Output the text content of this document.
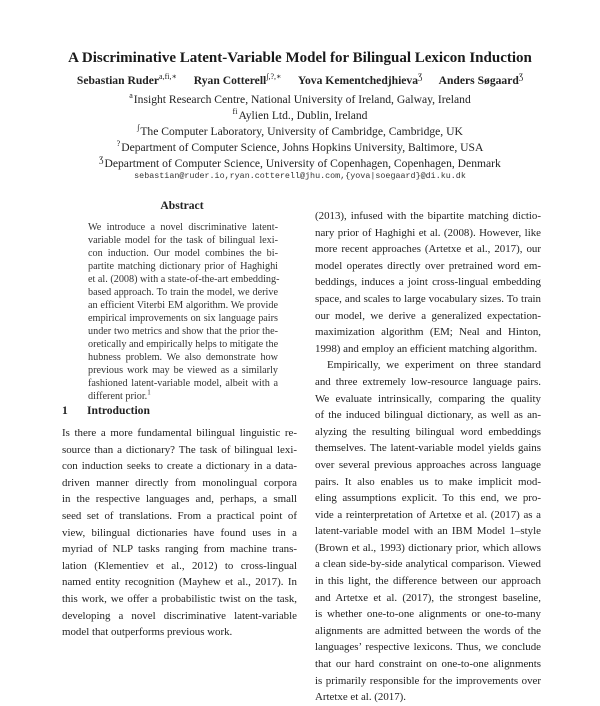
A Discriminative Latent-Variable Model for Bilingual Lexicon Induction
Sebastian Ruder$^{a,fi,∗}$ Ryan Cotterell∫,?,∗ Yova Kementchedjhieva$^Ʒ$ Anders Søgaard$^Ʒ$
$^a$Insight Research Centre, National University of Ireland, Galway, Ireland
$^{fi}$Aylien Ltd., Dublin, Ireland
∫The Computer Laboratory, University of Cambridge, Cambridge, UK
?Department of Computer Science, Johns Hopkins University, Baltimore, USA
$^Ʒ$Department of Computer Science, University of Copenhagen, Copenhagen, Denmark
sebastian@ruder.io,ryan.cotterell@jhu.com,{yova|soegaard}@di.ku.dk
Abstract
We introduce a novel discriminative latent-
variable model for the task of bilingual lexi-
con induction. Our model combines the bi-
partite matching dictionary prior of Haghighi
et al. (2008) with a state-of-the-art embedding-
based approach. To train the model, we derive
an efficient Viterbi EM algorithm. We provide
empirical improvements on six language pairs
under two metrics and show that the prior the-
oretically and empirically helps to mitigate the
hubness problem. We also demonstrate how
previous work may be viewed as a similarly
fashioned latent-variable model, albeit with a
different prior.$^1$
1 Introduction
Is there a more fundamental bilingual linguistic re-
source than a dictionary? The task of bilingual lexi-
con induction seeks to create a dictionary in a data-
driven manner directly from monolingual corpora
in the respective languages and, perhaps, a small
seed set of translations. From a practical point of
view, bilingual dictionaries have found uses in a
myriad of NLP tasks ranging from machine trans-
lation (Klementiev et al., 2012) to cross-lingual
named entity recognition (Mayhew et al., 2017). In
this work, we offer a probabilistic twist on the task,
developing a novel discriminative latent-variable
model that outperforms previous work.
(2013), infused with the bipartite matching dictio-
nary prior of Haghighi et al. (2008). However, like
more recent approaches (Artetxe et al., 2017), our
model operates directly over pretrained word em-
beddings, induces a joint cross-lingual embedding
space, and scales to large vocabulary sizes. To train
our model, we derive a generalized expectation-
maximization algorithm (EM; Neal and Hinton,
1998) and employ an efficient matching algorithm.
Empirically, we experiment on three standard
and three extremely low-resource language pairs.
We evaluate intrinsically, comparing the quality
of the induced bilingual dictionary, as well as an-
alyzing the resulting bilingual word embeddings
themselves. The latent-variable model yields gains
over several previous approaches across language
pairs. It also enables us to make implicit mod-
eling assumptions explicit. To this end, we pro-
vide a reinterpretation of Artetxe et al. (2017) as a
latent-variable model with an IBM Model 1–style
(Brown et al., 1993) dictionary prior, which allows
a clean side-by-side analytical comparison. Viewed
in this light, the difference between our approach
and Artetxe et al. (2017), the strongest baseline,
is whether one-to-one alignments or one-to-many
alignments are admitted between the words of the
languages’ respective lexicons. Thus, we conclude
that our hard constraint on one-to-one alignments
is primarily responsible for the improvements over
Artetxe et al. (2017).
